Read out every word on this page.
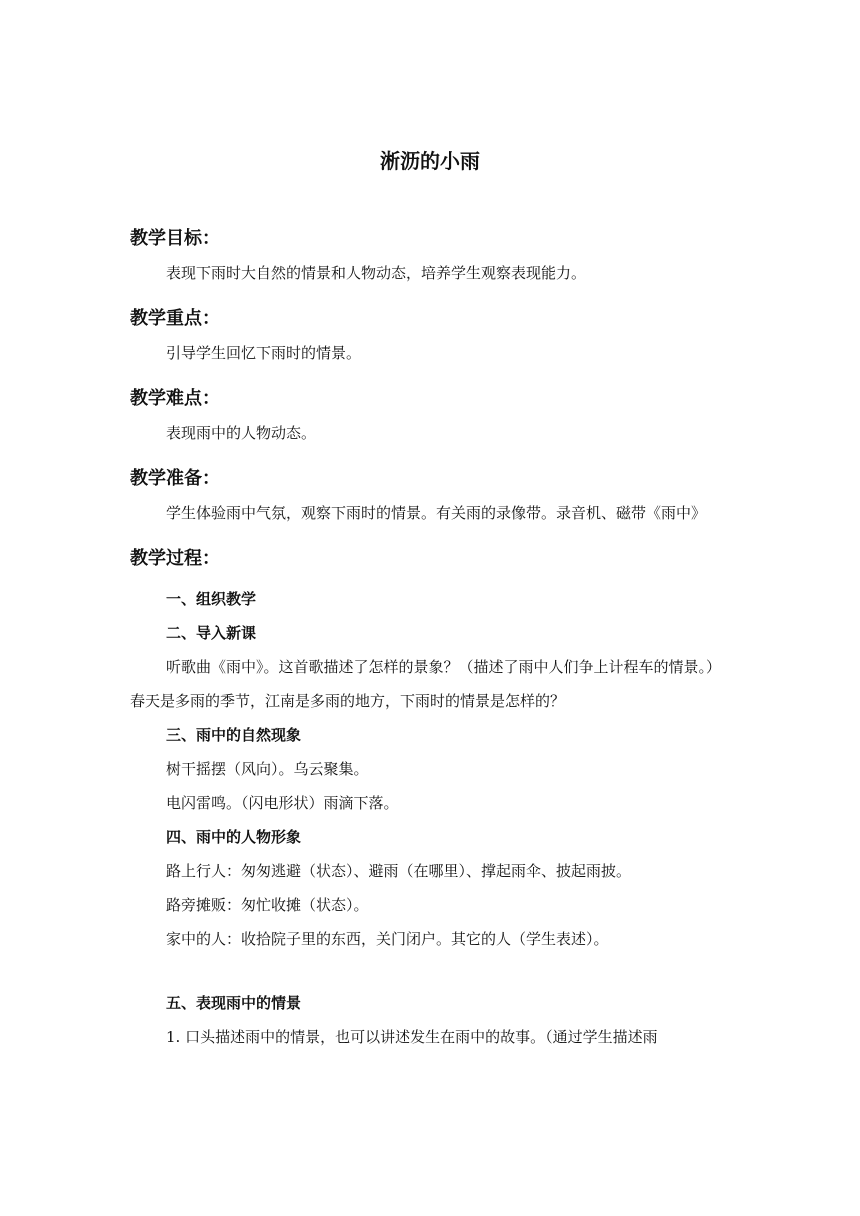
淅沥的小雨
教学目标：
表现下雨时大自然的情景和人物动态，培养学生观察表现能力。
教学重点：
引导学生回忆下雨时的情景。
教学难点：
表现雨中的人物动态。
教学准备：
学生体验雨中气氛，观察下雨时的情景。有关雨的录像带。录音机、磁带《雨中》
教学过程：
一、组织教学
二、导入新课
听歌曲《雨中》。这首歌描述了怎样的景象？（描述了雨中人们争上计程车的情景。）春天是多雨的季节，江南是多雨的地方，下雨时的情景是怎样的？
三、雨中的自然现象
树干摇摆（风向）。乌云聚集。
电闪雷鸣。（闪电形状）雨滴下落。
四、雨中的人物形象
路上行人：匆匆逃避（状态）、避雨（在哪里）、撑起雨伞、披起雨披。
路旁摊贩：匆忙收摊（状态）。
家中的人：收拾院子里的东西，关门闭户。其它的人（学生表述）。
五、表现雨中的情景
1. 口头描述雨中的情景，也可以讲述发生在雨中的故事。（通过学生描述雨
